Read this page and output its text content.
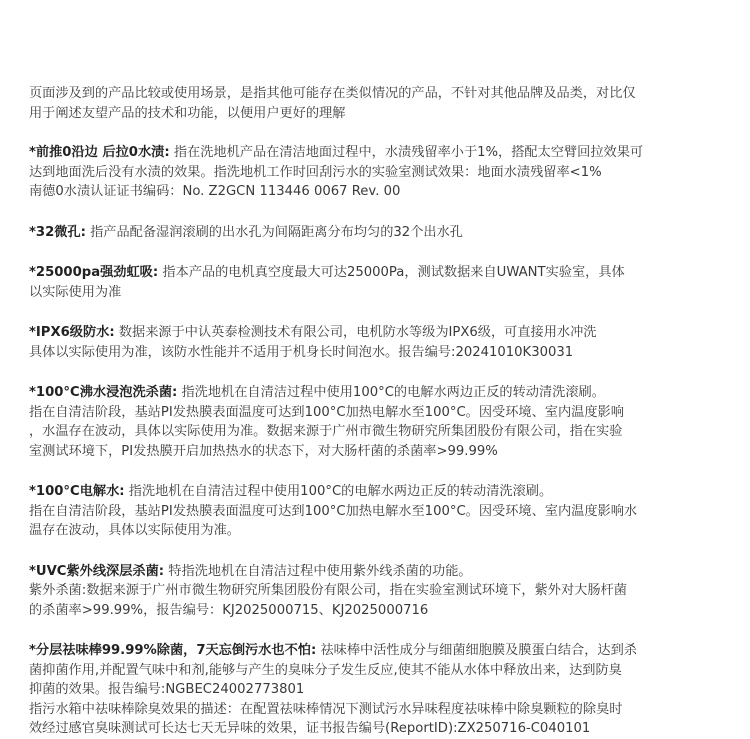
页面涉及到的产品比较或使用场景，是指其他可能存在类似情况的产品，不针对其他品牌及品类，对比仅
用于阐述友望产品的技术和功能，以便用户更好的理解

*前推0沿边 后拉0水渍: 指在洗地机产品在清洁地面过程中，水渍残留率小于1%，搭配太空臂回拉效果可
达到地面洗后没有水渍的效果。指洗地机工作时回刮污水的实验室测试效果：地面水渍残留率<1%
南德0水渍认证证书编码：No. Z2GCN 113446 0067 Rev. 00

*32微孔: 指产品配备湿润滚刷的出水孔为间隔距离分布均匀的32个出水孔

*25000pa强劲虹吸: 指本产品的电机真空度最大可达25000Pa，测试数据来自UWANT实验室，具体
以实际使用为准

*IPX6级防水: 数据来源于中认英泰检测技术有限公司，电机防水等级为IPX6级，可直接用水冲洗
具体以实际使用为准，该防水性能并不适用于机身长时间泡水。报告编号:20241010K30031

*100°C沸水浸泡洗杀菌: 指洗地机在自清洁过程中使用100°C的电解水两边正反的转动清洗滚刷。
指在自清洁阶段，基站PI发热膜表面温度可达到100°C加热电解水至100°C。因受环境、室内温度影响
，水温存在波动，具体以实际使用为准。数据来源于广州市微生物研究所集团股份有限公司，指在实验
室测试环境下，PI发热膜开启加热热水的状态下，对大肠杆菌的杀菌率>99.99%

*100°C电解水: 指洗地机在自清洁过程中使用100°C的电解水两边正反的转动清洗滚刷。
指在自清洁阶段，基站PI发热膜表面温度可达到100°C加热电解水至100°C。因受环境、室内温度影响水
温存在波动，具体以实际使用为准。

*UVC紫外线深层杀菌: 特指洗地机在自清洁过程中使用紫外线杀菌的功能。
紫外杀菌:数据来源于广州市微生物研究所集团股份有限公司，指在实验室测试环境下，紫外对大肠杆菌
的杀菌率>99.99%，报告编号：KJ2025000715、KJ2025000716

*分层祛味棒99.99%除菌，7天忘倒污水也不怕: 祛味棒中活性成分与细菌细胞膜及膜蛋白结合，达到杀
菌抑菌作用,并配置气味中和剂,能够与产生的臭味分子发生反应,使其不能从水体中释放出来，达到防臭
抑菌的效果。报告编号:NGBEC24002773801
指污水箱中祛味棒除臭效果的描述：在配置祛味棒情况下测试污水异味程度祛味棒中除臭颗粒的除臭时
效经过感官臭味测试可长达七天无异味的效果，证书报告编号(ReportID):ZX250716-C040101
